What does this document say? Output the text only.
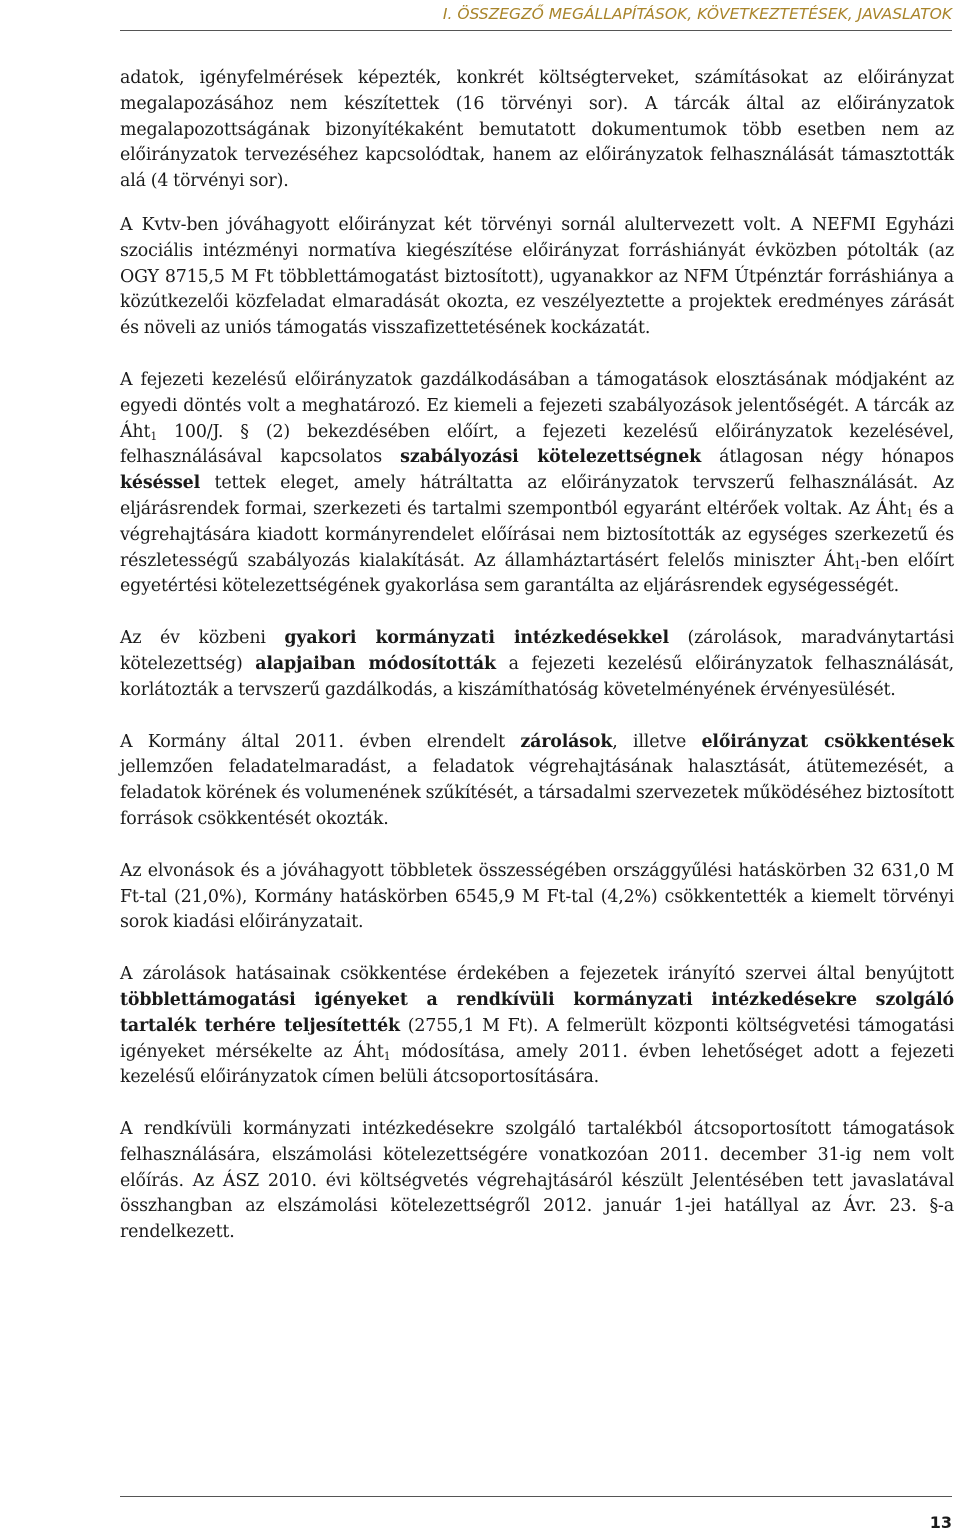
I. ÖSSZEGZŐ MEGÁLLAPÍTÁSOK, KÖVETKEZTETÉSEK, JAVASLATOK

adatok, igényfelmérések képezték, konkrét költségterveket, számításokat az előirányzat megalapozásához nem készítettek (16 törvényi sor). A tárcák által az előirányzatok megalapozottságának bizonyítékaként bemutatott dokumentumok több esetben nem az előirányzatok tervezéséhez kapcsolódtak, hanem az előirányzatok felhasználását támasztották alá (4 törvényi sor).

A Kvtv-ben jóváhagyott előirányzat két törvényi sornál alultervezett volt. A NEFMI Egyházi szociális intézményi normatíva kiegészítése előirányzat forráshiányát évközben pótolták (az OGY 8715,5 M Ft többlettámogatást biztosított), ugyanakkor az NFM Útpénztár forráshiánya a közútkezelői közfeladat elmaradását okozta, ez veszélyeztette a projektek eredményes zárását és növeli az uniós támogatás visszafizettetésének kockázatát.

A fejezeti kezelésű előirányzatok gazdálkodásában a támogatások elosztásának módjaként az egyedi döntés volt a meghatározó. Ez kiemeli a fejezeti szabályozások jelentőségét. A tárcák az Áht$_1$ 100/J. § (2) bekezdésében előírt, a fejezeti kezelésű előirányzatok kezelésével, felhasználásával kapcsolatos szabályozási kötelezettségnek átlagosan négy hónapos késéssel tettek eleget, amely hátráltatta az előirányzatok tervszerű felhasználását. Az eljárásrendek formai, szerkezeti és tartalmi szempontból egyaránt eltérőek voltak. Az Áht$_1$ és a végrehajtására kiadott kormányrendelet előírásai nem biztosították az egységes szerkezetű és részletességű szabályozás kialakítását. Az államháztartásért felelős miniszter Áht$_1$-ben előírt egyetértési kötelezettségének gyakorlása sem garantálta az eljárásrendek egységességét.

Az év közbeni gyakori kormányzati intézkedésekkel (zárolások, maradványtartási kötelezettség) alapjaiban módosították a fejezeti kezelésű előirányzatok felhasználását, korlátozták a tervszerű gazdálkodás, a kiszámíthatóság követelményének érvényesülését.

A Kormány által 2011. évben elrendelt zárolások, illetve előirányzat csökkentések jellemzően feladatelmaradást, a feladatok végrehajtásának halasztását, átütemezését, a feladatok körének és volumenének szűkítését, a társadalmi szervezetek működéséhez biztosított források csökkentését okozták.

Az elvonások és a jóváhagyott többletek összességében országgyűlési hatáskörben 32 631,0 M Ft-tal (21,0%), Kormány hatáskörben 6545,9 M Ft-tal (4,2%) csökkentették a kiemelt törvényi sorok kiadási előirányzatait.

A zárolások hatásainak csökkentése érdekében a fejezetek irányító szervei által benyújtott többlettámogatási igényeket a rendkívüli kormányzati intézkedésekre szolgáló tartalék terhére teljesítették (2755,1 M Ft). A felmerült központi költségvetési támogatási igényeket mérsékelte az Áht$_1$ módosítása, amely 2011. évben lehetőséget adott a fejezeti kezelésű előirányzatok címen belüli átcsoportosítására.

A rendkívüli kormányzati intézkedésekre szolgáló tartalékból átcsoportosított támogatások felhasználására, elszámolási kötelezettségére vonatkozóan 2011. december 31-ig nem volt előírás. Az ÁSZ 2010. évi költségvetés végrehajtásáról készült Jelentésében tett javaslatával összhangban az elszámolási kötelezettségről 2012. január 1-jei hatállyal az Ávr. 23. §-a rendelkezett.

13
